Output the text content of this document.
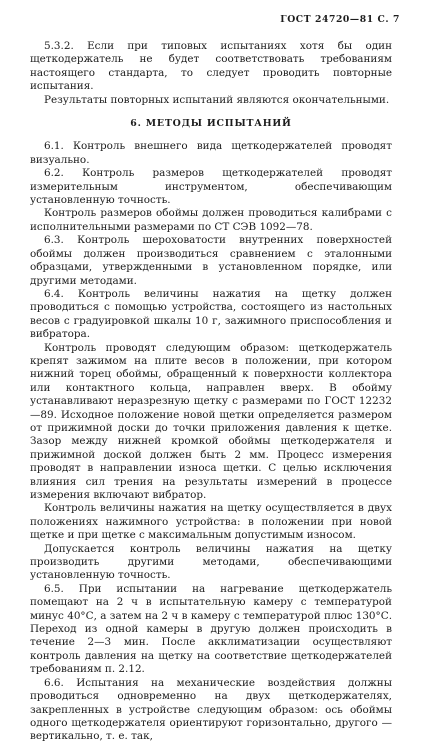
ГОСТ 24720—81 С. 7

5.3.2. Если при типовых испытаниях хотя бы один щеткодержатель не будет соответствовать требованиям настоящего стандарта, то следует проводить повторные испытания.

Результаты повторных испытаний являются окончательными.

6. МЕТОДЫ ИСПЫТАНИЙ

6.1. Контроль внешнего вида щеткодержателей проводят визуально.

6.2. Контроль размеров щеткодержателей проводят измерительным инструментом, обеспечивающим установленную точность.

Контроль размеров обоймы должен проводиться калибрами с исполнительными размерами по СТ СЭВ 1092—78.

6.3. Контроль шероховатости внутренних поверхностей обоймы должен производиться сравнением с эталонными образцами, утвержденными в установленном порядке, или другими методами.

6.4. Контроль величины нажатия на щетку должен проводиться с помощью устройства, состоящего из настольных весов с градуировкой шкалы 10 г, зажимного приспособления и вибратора.

Контроль проводят следующим образом: щеткодержатель крепят зажимом на плите весов в положении, при котором нижний торец обоймы, обращенный к поверхности коллектора или контактного кольца, направлен вверх. В обойму устанавливают неразрезную щетку с размерами по ГОСТ 12232—89. Исходное положение новой щетки определяется размером от прижимной доски до точки приложения давления к щетке. Зазор между нижней кромкой обоймы щеткодержателя и прижимной доской должен быть 2 мм. Процесс измерения проводят в направлении износа щетки. С целью исключения влияния сил трения на результаты измерений в процессе измерения включают вибратор.

Контроль величины нажатия на щетку осуществляется в двух положениях нажимного устройства: в положении при новой щетке и при щетке с максимальным допустимым износом.

Допускается контроль величины нажатия на щетку производить другими методами, обеспечивающими установленную точность.

6.5. При испытании на нагревание щеткодержатель помещают на 2 ч в испытательную камеру с температурой минус 40°С, а затем на 2 ч в камеру с температурой плюс 130°С. Переход из одной камеры в другую должен происходить в течение 2—3 мин. После акклиматизации осуществляют контроль давления на щетку на соответствие щеткодержателей требованиям п. 2.12.

6.6. Испытания на механические воздействия должны проводиться одновременно на двух щеткодержателях, закрепленных в устройстве следующим образом: ось обоймы одного щеткодержателя ориентируют горизонтально, другого — вертикально, т. е. так,
